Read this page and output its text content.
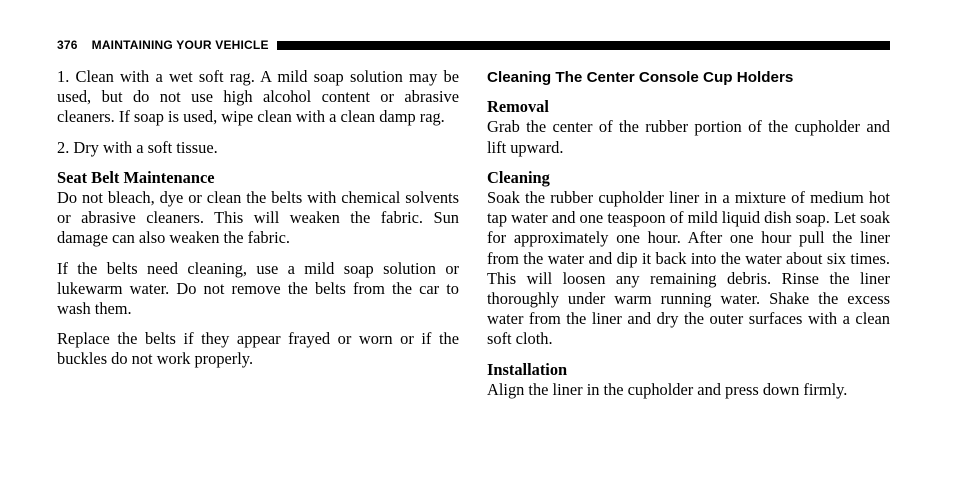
376 MAINTAINING YOUR VEHICLE

1. Clean with a wet soft rag. A mild soap solution may be used, but do not use high alcohol content or abrasive cleaners. If soap is used, wipe clean with a clean damp rag.

2. Dry with a soft tissue.

Seat Belt Maintenance

Do not bleach, dye or clean the belts with chemical solvents or abrasive cleaners. This will weaken the fabric. Sun damage can also weaken the fabric.

If the belts need cleaning, use a mild soap solution or lukewarm water. Do not remove the belts from the car to wash them.

Replace the belts if they appear frayed or worn or if the buckles do not work properly.

Cleaning The Center Console Cup Holders
Removal

Grab the center of the rubber portion of the cupholder and lift upward.

Cleaning

Soak the rubber cupholder liner in a mixture of medium hot tap water and one teaspoon of mild liquid dish soap. Let soak for approximately one hour. After one hour pull the liner from the water and dip it back into the water about six times. This will loosen any remaining debris. Rinse the liner thoroughly under warm running water. Shake the excess water from the liner and dry the outer surfaces with a clean soft cloth.

Installation

Align the liner in the cupholder and press down firmly.
